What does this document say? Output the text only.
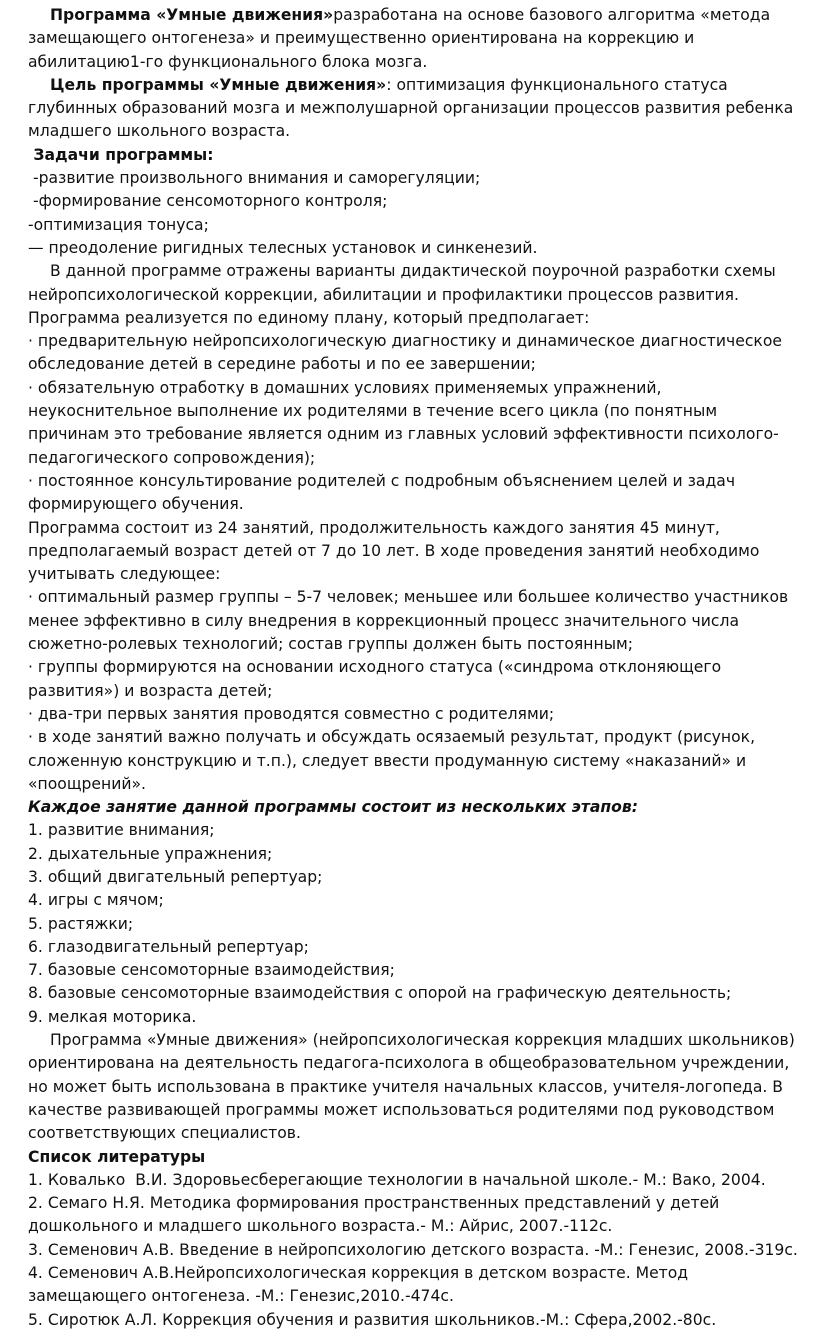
Программа «Умные движения»разработана на основе базового алгоритма «метода замещающего онтогенеза» и преимущественно ориентирована на коррекцию и абилитацию1-го функционального блока мозга.

Цель программы «Умные движения»: оптимизация функционального статуса глубинных образований мозга и межполушарной организации процессов развития ребенка младшего школьного возраста.

Задачи программы:

-развитие произвольного внимания и саморегуляции;
-формирование сенсомоторного контроля;
-оптимизация тонуса;
— преодоление ригидных телесных установок и синкенезий.

В данной программе отражены варианты дидактической поурочной разработки схемы нейропсихологической коррекции, абилитации и профилактики процессов развития. Программа реализуется по единому плану, который предполагает:

· предварительную нейропсихологическую диагностику и динамическое диагностическое обследование детей в середине работы и по ее завершении;
· обязательную отработку в домашних условиях применяемых упражнений, неукоснительное выполнение их родителями в течение всего цикла (по понятным причинам это требование является одним из главных условий эффективности психолого-педагогического сопровождения);
· постоянное консультирование родителей с подробным объяснением целей и задач формирующего обучения.

Программа состоит из 24 занятий, продолжительность каждого занятия 45 минут, предполагаемый возраст детей от 7 до 10 лет. В ходе проведения занятий необходимо учитывать следующее:

· оптимальный размер группы – 5-7 человек; меньшее или большее количество участников менее эффективно в силу внедрения в коррекционный процесс значительного числа сюжетно-ролевых технологий; состав группы должен быть постоянным;
· группы формируются на основании исходного статуса («синдрома отклоняющего развития») и возраста детей;
· два-три первых занятия проводятся совместно с родителями;
· в ходе занятий важно получать и обсуждать осязаемый результат, продукт (рисунок, сложенную конструкцию и т.п.), следует ввести продуманную систему «наказаний» и «поощрений».

Каждое занятие данной программы состоит из нескольких этапов:

1. развитие внимания;
2. дыхательные упражнения;
3. общий двигательный репертуар;
4. игры с мячом;
5. растяжки;
6. глазодвигательный репертуар;
7. базовые сенсомоторные взаимодействия;
8. базовые сенсомоторные взаимодействия с опорой на графическую деятельность;
9. мелкая моторика.

Программа «Умные движения» (нейропсихологическая коррекция младших школьников) ориентирована на деятельность педагога-психолога в общеобразовательном учреждении, но может быть использована в практике учителя начальных классов, учителя-логопеда. В качестве развивающей программы может использоваться родителями под руководством соответствующих специалистов.

Список литературы

1. Ковалько  В.И. Здоровьесберегающие технологии в начальной школе.- М.: Вако, 2004.
2. Семаго Н.Я. Методика формирования пространственных представлений у детей дошкольного и младшего школьного возраста.- М.: Айрис, 2007.-112с.
3. Семенович А.В. Введение в нейропсихологию детского возраста. -М.: Генезис, 2008.-319с.
4. Семенович А.В.Нейропсихологическая коррекция в детском возрасте. Метод замещающего онтогенеза. -М.: Генезис,2010.-474с.
5. Сиротюк А.Л. Коррекция обучения и развития школьников.-М.: Сфера,2002.-80с.
